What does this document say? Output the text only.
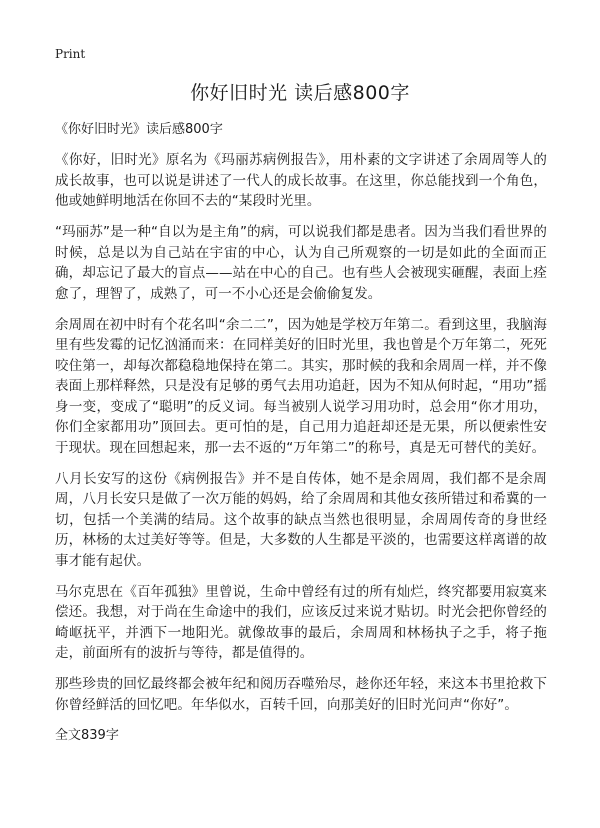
Print
你好旧时光 读后感800字
《你好旧时光》读后感800字

《你好，旧时光》原名为《玛丽苏病例报告》，用朴素的文字讲述了余周周等人的成长故事，也可以说是讲述了一代人的成长故事。在这里，你总能找到一个角色，他或她鲜明地活在你回不去的“某段时光里。

“玛丽苏”是一种“自以为是主角”的病，可以说我们都是患者。因为当我们看世界的时候，总是以为自己站在宇宙的中心，认为自己所观察的一切是如此的全面而正确，却忘记了最大的盲点——站在中心的自己。也有些人会被现实砸醒，表面上痊愈了，理智了，成熟了，可一不小心还是会偷偷复发。

余周周在初中时有个花名叫“余二二”，因为她是学校万年第二。看到这里，我脑海里有些发霉的记忆汹涌而来：在同样美好的旧时光里，我也曾是个万年第二，死死咬住第一，却每次都稳稳地保持在第二。其实，那时候的我和余周周一样，并不像表面上那样释然，只是没有足够的勇气去用功追赶，因为不知从何时起，“用功”摇身一变，变成了“聪明”的反义词。每当被别人说学习用功时，总会用“你才用功，你们全家都用功”顶回去。更可怕的是，自己用力追赶却还是无果，所以便索性安于现状。现在回想起来，那一去不返的“万年第二”的称号，真是无可替代的美好。

八月长安写的这份《病例报告》并不是自传体，她不是余周周，我们都不是余周周，八月长安只是做了一次万能的妈妈，给了余周周和其他女孩所错过和希冀的一切，包括一个美满的结局。这个故事的缺点当然也很明显，余周周传奇的身世经历，林杨的太过美好等等。但是，大多数的人生都是平淡的，也需要这样离谱的故事才能有起伏。

马尔克思在《百年孤独》里曾说，生命中曾经有过的所有灿烂，终究都要用寂寞来偿还。我想，对于尚在生命途中的我们，应该反过来说才贴切。时光会把你曾经的崎岖抚平，并洒下一地阳光。就像故事的最后，余周周和林杨执子之手，将子拖走，前面所有的波折与等待，都是值得的。

那些珍贵的回忆最终都会被年纪和阅历吞噬殆尽，趁你还年轻，来这本书里抢救下你曾经鲜活的回忆吧。年华似水，百转千回，向那美好的旧时光问声“你好”。

全文839字
